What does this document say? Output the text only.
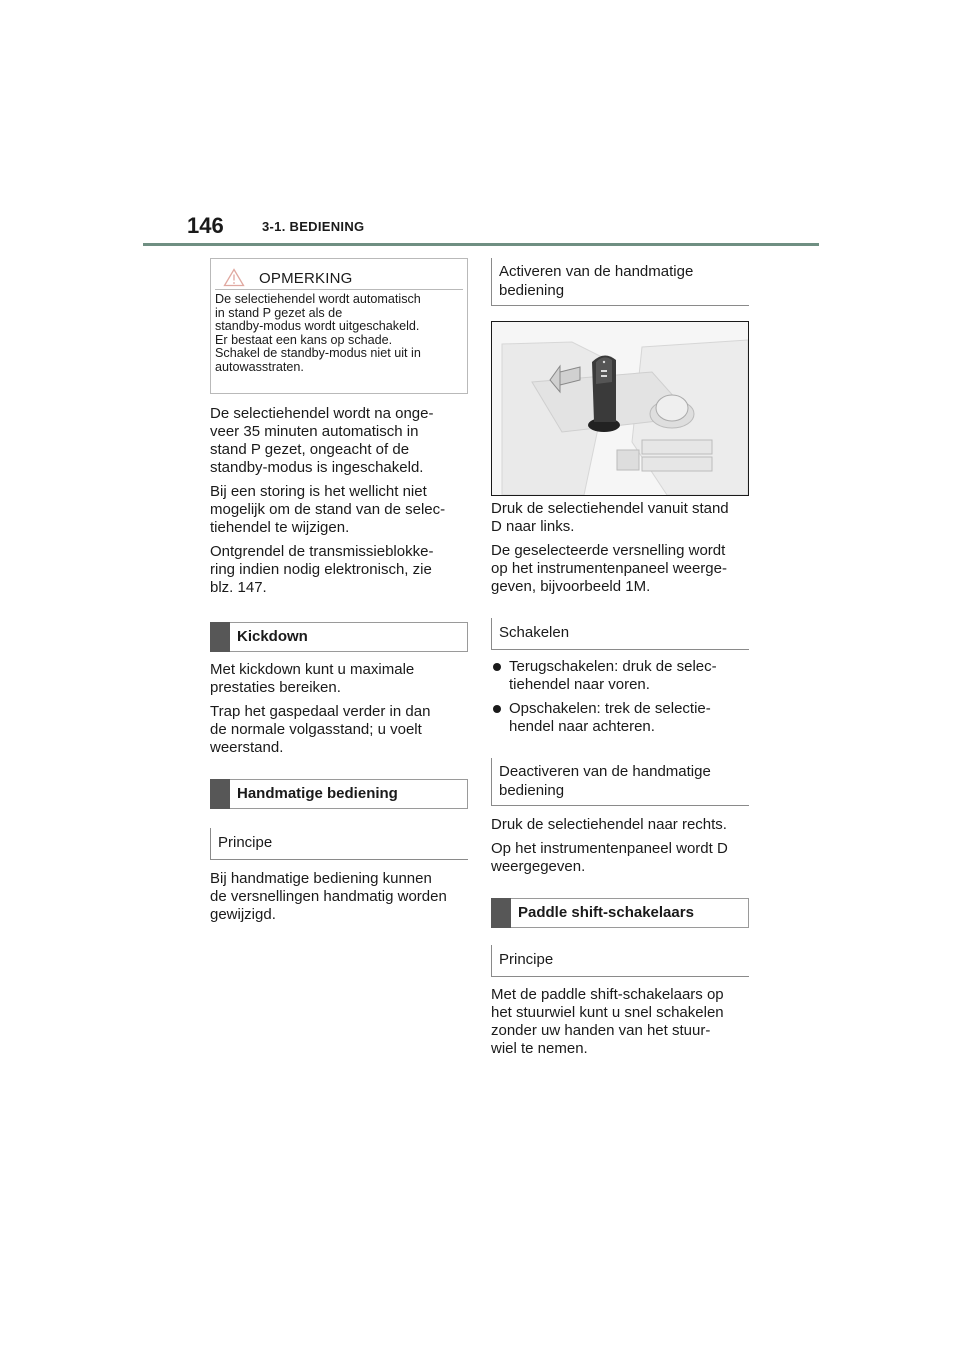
146	3-1. BEDIENING
OPMERKING
De selectiehendel wordt automatisch
in stand P gezet als de
standby-modus wordt uitgeschakeld.
Er bestaat een kans op schade.
Schakel de standby-modus niet uit in
autowasstraten.

De selectiehendel wordt na onge-
veer 35 minuten automatisch in
stand P gezet, ongeacht of de
standby-modus is ingeschakeld.

Bij een storing is het wellicht niet
mogelijk om de stand van de selec-
tiehendel te wijzigen.

Ontgrendel de transmissieblokke-
ring indien nodig elektronisch, zie
blz. 147.

Kickdown

Met kickdown kunt u maximale
prestaties bereiken.

Trap het gaspedaal verder in dan
de normale volgasstand; u voelt
weerstand.

Handmatige bediening
Principe

Bij handmatige bediening kunnen
de versnellingen handmatig worden
gewijzigd.

Activeren van de handmatige
bediening

Druk de selectiehendel vanuit stand
D naar links.

De geselecteerde versnelling wordt
op het instrumentenpaneel weerge-
geven, bijvoorbeeld 1M.

Schakelen
Terugschakelen: druk de selec-
tiehendel naar voren.
Opschakelen: trek de selectie-
hendel naar achteren.
Deactiveren van de handmatige
bediening

Druk de selectiehendel naar rechts.

Op het instrumentenpaneel wordt D
weergegeven.

Paddle shift-schakelaars
Principe

Met de paddle shift-schakelaars op
het stuurwiel kunt u snel schakelen
zonder uw handen van het stuur-
wiel te nemen.
